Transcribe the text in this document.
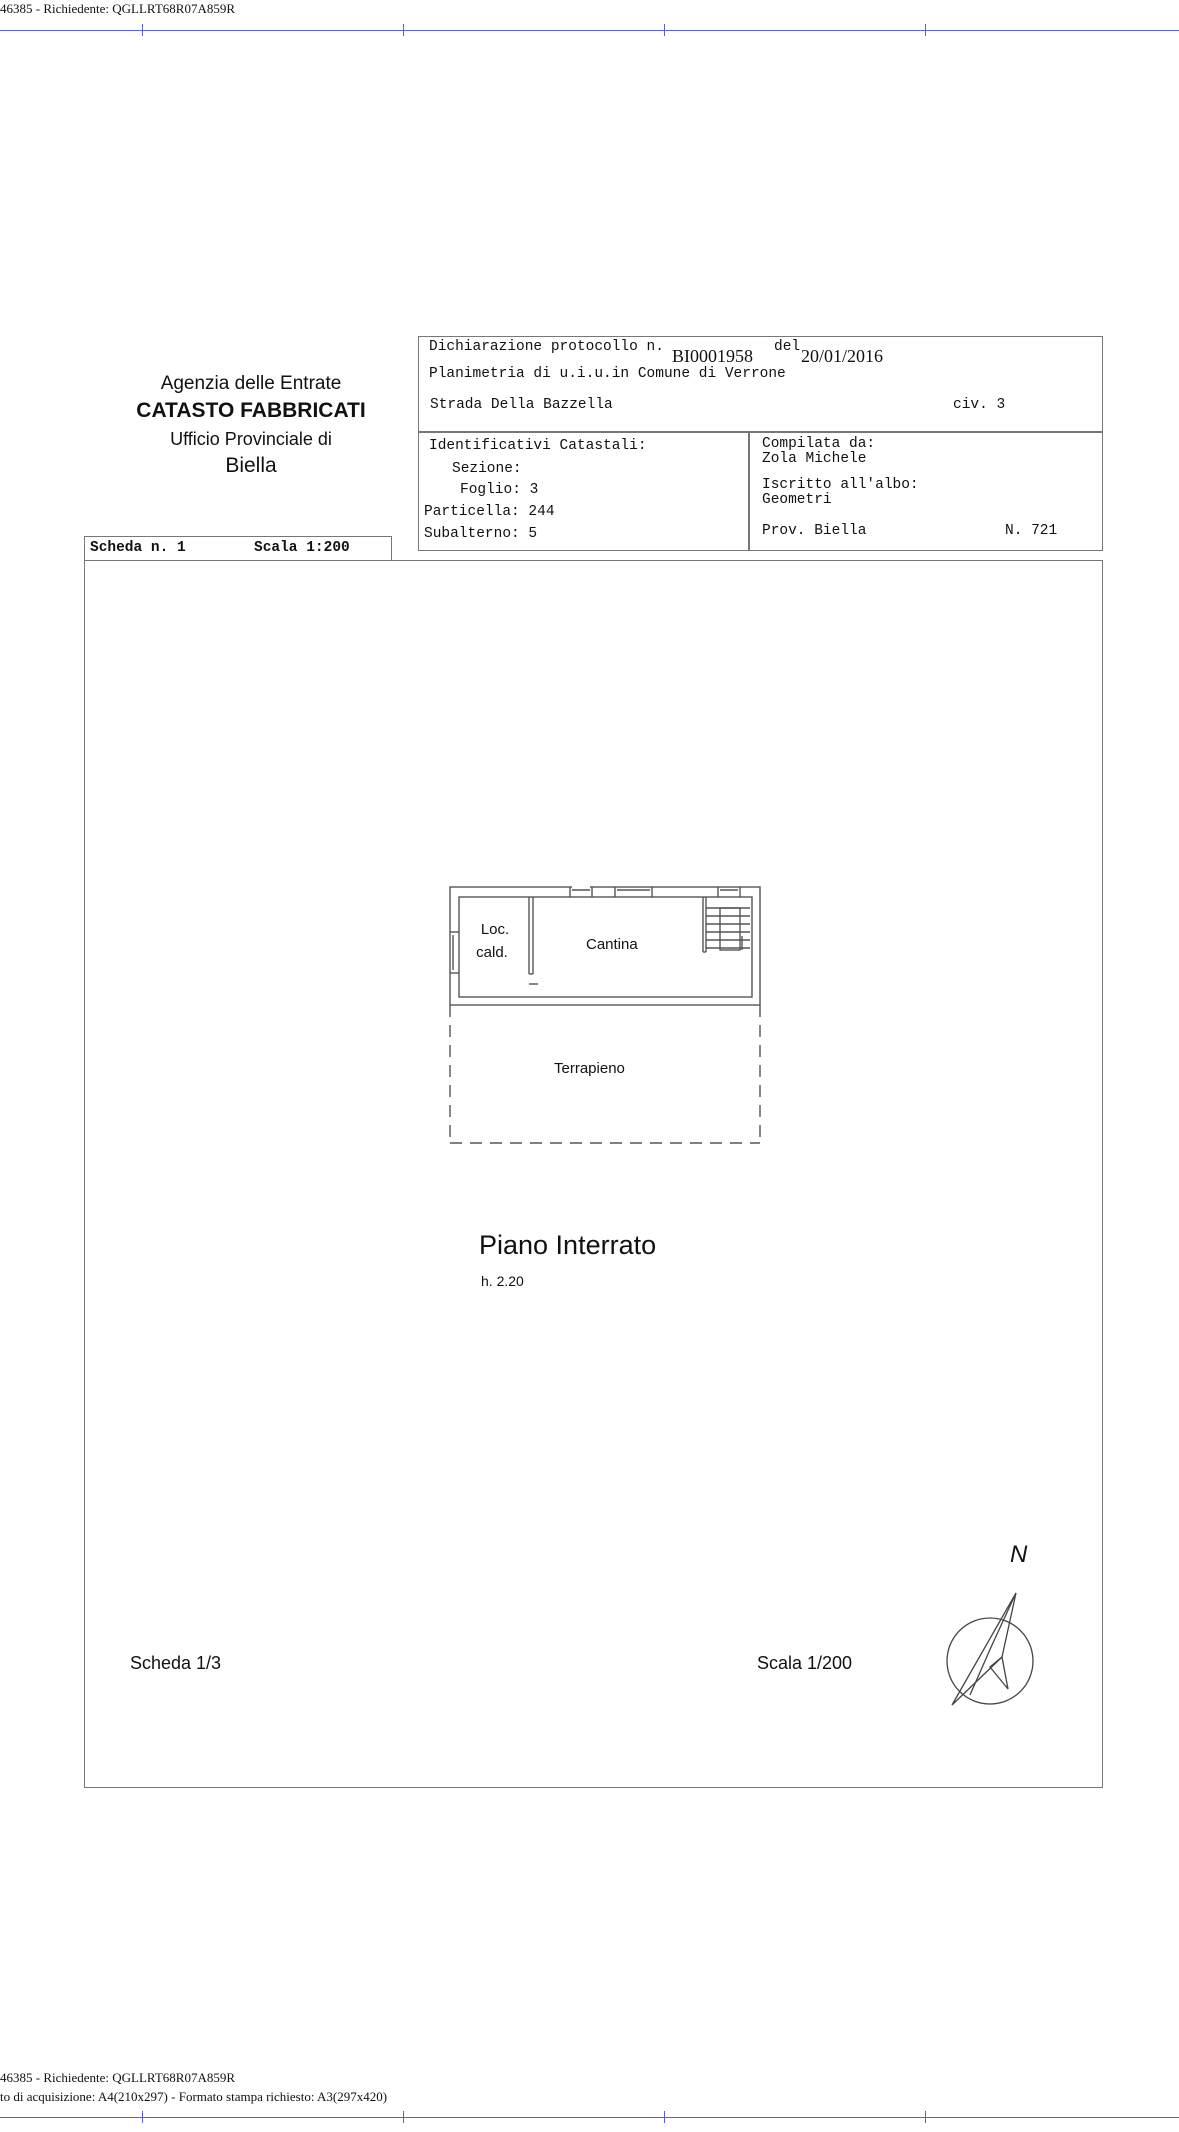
46385 - Richiedente: QGLLRT68R07A859R
Agenzia delle Entrate
CATASTO FABBRICATI
Ufficio Provinciale di
Biella
Dichiarazione protocollo n. BI0001958 del 20/01/2016
Planimetria di u.i.u.in Comune di Verrone
Strada Della Bazzella	civ. 3
Identificativi Catastali:
Sezione:
Foglio: 3
Particella: 244
Subalterno: 5
Compilata da:
Zola Michele
Iscritto all'albo:
Geometri
Prov. Biella	N. 721
Scheda n. 1	Scala 1:200
Loc.
cald.	Cantina
Terrapieno
Piano Interrato
h. 2.20
Scheda 1/3	Scala 1/200
N
46385 - Richiedente: QGLLRT68R07A859R
to di acquisizione: A4(210x297) - Formato stampa richiesto: A3(297x420)
